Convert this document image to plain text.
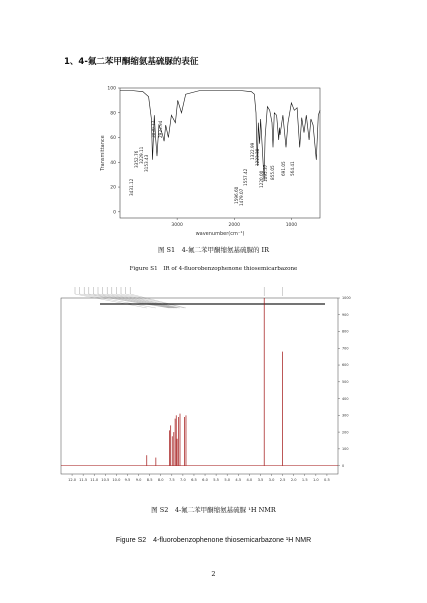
1、4-氟二苯甲酮缩氨基硫脲的表征
0
20
40
60
80
100
3000	2000	1000
wavenumber(cm⁻¹)
Transmittance
3431.12
3352.76 3229.11 3153.43
3030.77 2923.94
1596.60 1479.07
1557.42
1322.99 1223.38
1220.00 1095.37 855.05 691.05 564.41
图 S1　4-氟二苯甲酮缩氨基硫脲的 IR
Figure S1　IR of 4-fluorobenzophenone thiosemicarbazone
0
100
200
300
400
500
600
700
800
900
1000
12.0 11.5 11.0 10.5 10.0 9.5 9.0 8.5 8.0 7.5 7.0 6.5 6.0 5.5 5.0 4.5 4.0 3.5 3.0 2.5 2.0 1.5 1.0 0.5
图 S2　4-氟二苯甲酮缩氨基硫脲 ¹H NMR
Figure S2　4-fluorobenzophenone thiosemicarbazone ¹H NMR
2
